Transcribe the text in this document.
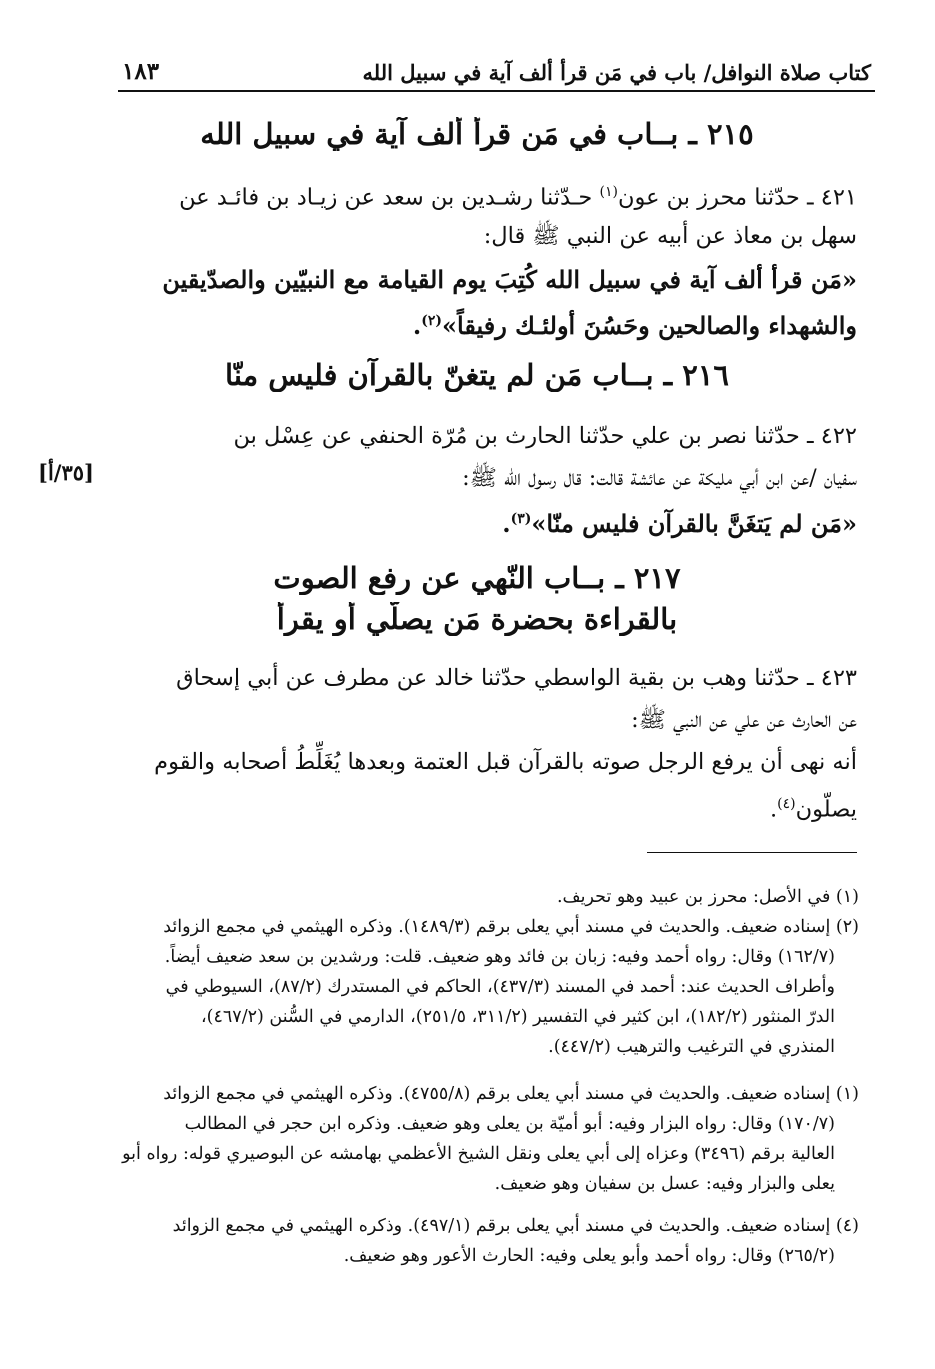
كتاب صلاة النوافل/ باب في مَن قرأ ألف آية في سبيل الله
١٨٣
[٣٥/أ]
٢١٥ ـ بــاب في مَن قرأ ألف آية في سبيل الله
٤٢١ ـ حدّثنا محرز بن عون$^{(١)}$ حـدّثنا رشـدين بن سعد عن زيـاد بن فائـد عن
سهل بن معاذ عن أبيه عن النبي ﷺ قال:
«مَن قرأ ألف آية في سبيل الله كُتِبَ يوم القيامة مع النبيّين والصدّيقين
والشهداء والصالحين وحَسُنَ أولئـك رفيقاً»$^{(٢)}$.
٢١٦ ـ بــاب مَن لم يتغنّ بالقرآن فليس منّا
٤٢٢ ـ حدّثنا نصر بن علي حدّثنا الحارث بن مُرّة الحنفي عن عِسْل بن
سفيان /عن ابن أبي مليكة عن عائشة قالت: قال رسول الله ﷺ:
«مَن لم يَتغَنَّ بالقرآن فليس منّا»$^{(٣)}$.
٢١٧ ـ بــاب النّهي عن رفع الصوت
بالقراءة بحضرة مَن يصلّي أو يقرأ
٤٢٣ ـ حدّثنا وهب بن بقية الواسطي حدّثنا خالد عن مطرف عن أبي إسحاق
عن الحارث عن علي عن النبي ﷺ:
أنه نهى أن يرفع الرجل صوته بالقرآن قبل العتمة وبعدها يُغَلِّطُ أصحابه والقوم
يصلّون$^{(٤)}$.
(١) في الأصل: محرز بن عبيد وهو تحريف.
(٢) إسناده ضعيف. والحديث في مسند أبي يعلى برقم (١٤٨٩/٣). وذكره الهيثمي في مجمع الزوائد
(١٦٢/٧) وقال: رواه أحمد وفيه: زبان بن فائد وهو ضعيف. قلت: ورشدين بن سعد ضعيف أيضاً.
وأطراف الحديث عند: أحمد في المسند (٤٣٧/٣)، الحاكم في المستدرك (٨٧/٢)، السيوطي في
الدرّ المنثور (١٨٢/٢)، ابن كثير في التفسير (٣١١/٢، ٢٥١/٥)، الدارمي في السُّنن (٤٦٧/٢)،
المنذري في الترغيب والترهيب (٤٤٧/٢).
(١) إسناده ضعيف. والحديث في مسند أبي يعلى برقم (٤٧٥٥/٨). وذكره الهيثمي في مجمع الزوائد
(١٧٠/٧) وقال: رواه البزار وفيه: أبو أميّة بن يعلى وهو ضعيف. وذكره ابن حجر في المطالب
العالية برقم (٣٤٩٦) وعزاه إلى أبي يعلى ونقل الشيخ الأعظمي بهامشه عن البوصيري قوله: رواه أبو
يعلى والبزار وفيه: عسل بن سفيان وهو ضعيف.
(٤) إسناده ضعيف. والحديث في مسند أبي يعلى برقم (٤٩٧/١). وذكره الهيثمي في مجمع الزوائد
(٢٦٥/٢) وقال: رواه أحمد وأبو يعلى وفيه: الحارث الأعور وهو ضعيف.
